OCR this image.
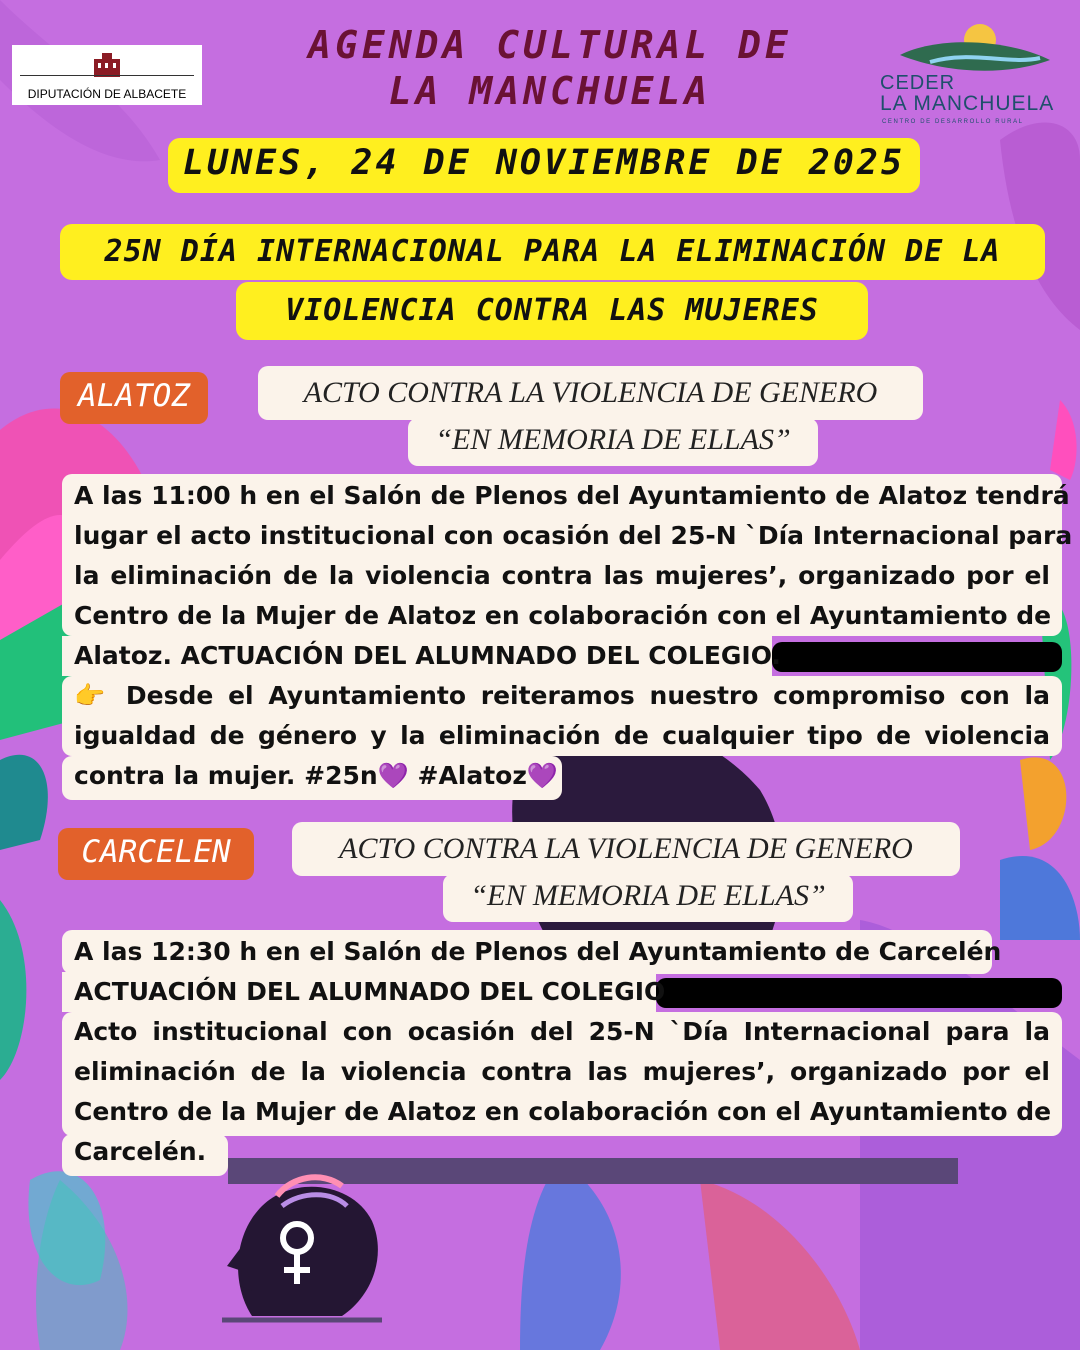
DIPUTACIÓN DE ALBACETE
AGENDA CULTURAL DE
LA MANCHUELA	CEDER
LA MANCHUELA
CENTRO DE DESARROLLO RURAL
LUNES, 24 DE NOVIEMBRE DE 2025
25N DÍA INTERNACIONAL PARA LA ELIMINACIÓN DE LA
VIOLENCIA CONTRA LAS MUJERES
ALATOZ	ACTO CONTRA LA VIOLENCIA DE GENERO
“EN MEMORIA DE ELLAS”
A las 11:00 h en el Salón de Plenos del Ayuntamiento de Alatoz tendrá
lugar el acto institucional con ocasión del 25-N `Día Internacional para
la eliminación de la violencia contra las mujeres’, organizado por el
Centro de la Mujer de Alatoz en colaboración con el Ayuntamiento de
Alatoz. ACTUACIÓN DEL ALUMNADO DEL COLEGIO.
👉 Desde el Ayuntamiento reiteramos nuestro compromiso con la
igualdad de género y la eliminación de cualquier tipo de violencia
contra la mujer. #25n💜 #Alatoz💜
CARCELEN	ACTO CONTRA LA VIOLENCIA DE GENERO
“EN MEMORIA DE ELLAS”
A las 12:30 h en el Salón de Plenos del Ayuntamiento de Carcelén
ACTUACIÓN DEL ALUMNADO DEL COLEGIO
Acto institucional con ocasión del 25-N `Día Internacional para la
eliminación de la violencia contra las mujeres’, organizado por el
Centro de la Mujer de Alatoz en colaboración con el Ayuntamiento de
Carcelén.
